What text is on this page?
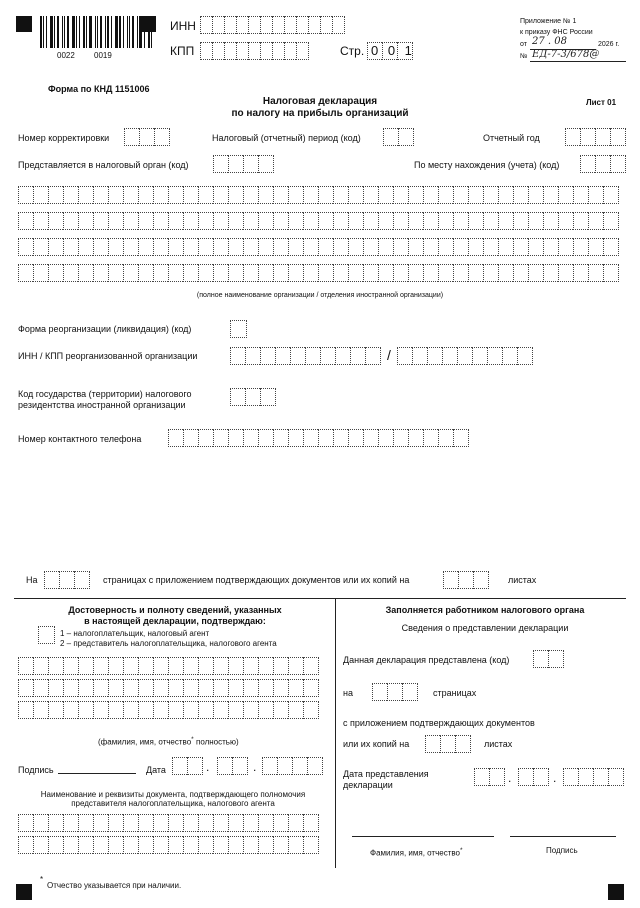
0022 0019
ИНН
КПП	Стр. 0 0 1
Приложение № 1
к приказу ФНС России
от 27 . 08	2026 г.
№ ЕД-7-3/678@
Форма по КНД 1151006
Налоговая декларация
по налогу на прибыль организаций
Лист 01
Номер корректировки	Налоговый (отчетный) период (код)	Отчетный год
Представляется в налоговый орган (код)	По месту нахождения (учета) (код)
(полное наименование организации / отделения иностранной организации)
Форма реорганизации (ликвидация) (код)
ИНН / КПП реорганизованной организации	/
Код государства (территории) налогового
резидентства иностранной организации
Номер контактного телефона
На	страницах с приложением подтверждающих документов или их копий на	листах
Достоверность и полноту сведений, указанных
в настоящей декларации, подтверждаю:
1 – налогоплательщик, налоговый агент
2 – представитель налогоплательщика, налогового агента
(фамилия, имя, отчество* полностью)
Подпись	Дата	.	.
Наименование и реквизиты документа, подтверждающего полномочия
представителя налогоплательщика, налогового агента
Заполняется работником налогового органа
Сведения о представлении декларации
Данная декларация представлена (код)
на	страницах
с приложением подтверждающих документов
или их копий на	листах
Дата представления
декларации	.	.
Фамилия, имя, отчество*	Подпись
*
Отчество указывается при наличии.
